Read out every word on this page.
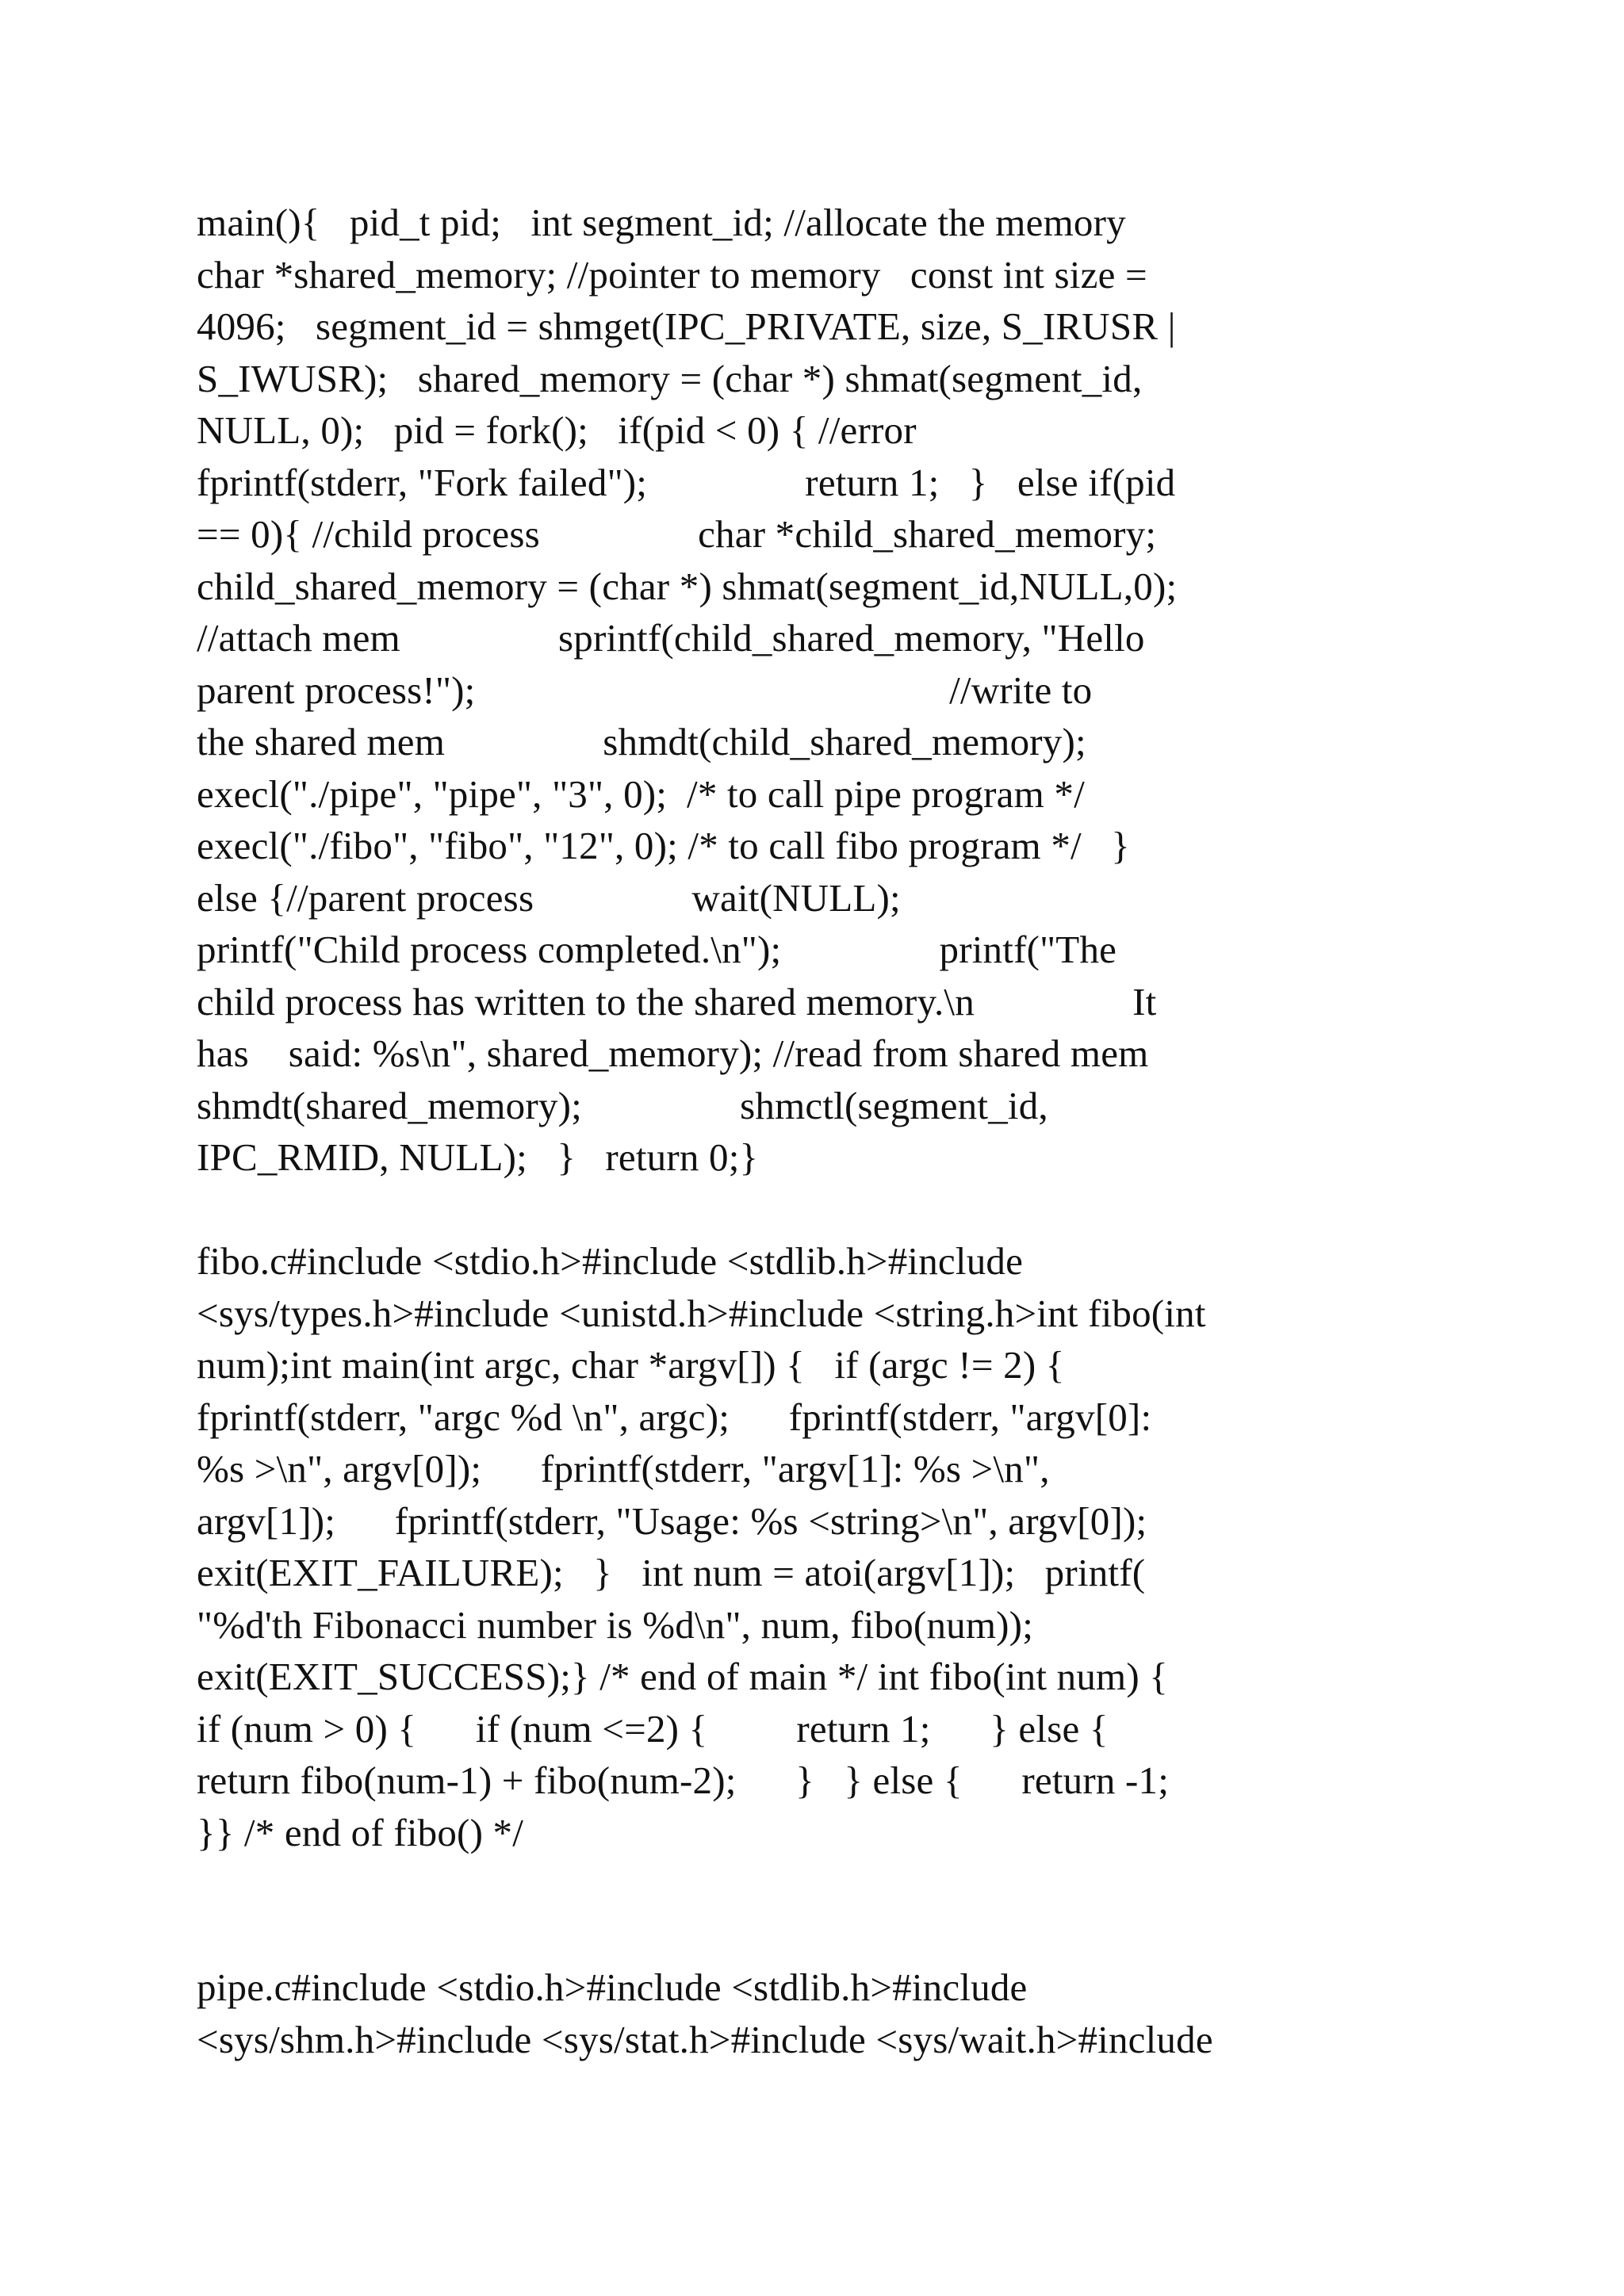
main(){   pid_t pid;   int segment_id; //allocate the memory
char *shared_memory; //pointer to memory   const int size =
4096;   segment_id = shmget(IPC_PRIVATE, size, S_IRUSR |
S_IWUSR);   shared_memory = (char *) shmat(segment_id,
NULL, 0);   pid = fork();   if(pid < 0) { //error
fprintf(stderr, "Fork failed");                return 1;   }   else if(pid
== 0){ //child process                char *child_shared_memory;
child_shared_memory = (char *) shmat(segment_id,NULL,0);
//attach mem                sprintf(child_shared_memory, "Hello
parent process!");                                                //write to
the shared mem                shmdt(child_shared_memory);
execl("./pipe", "pipe", "3", 0);  /* to call pipe program */
execl("./fibo", "fibo", "12", 0); /* to call fibo program */   }
else {//parent process                wait(NULL);
printf("Child process completed.\n");                printf("The
child process has written to the shared memory.\n                It
has    said: %s\n", shared_memory); //read from shared mem
shmdt(shared_memory);                shmctl(segment_id,
IPC_RMID, NULL);   }   return 0;}
fibo.c#include <stdio.h>#include <stdlib.h>#include
<sys/types.h>#include <unistd.h>#include <string.h>int fibo(int
num);int main(int argc, char *argv[]) {   if (argc != 2) {
fprintf(stderr, "argc %d \n", argc);      fprintf(stderr, "argv[0]:
%s >\n", argv[0]);      fprintf(stderr, "argv[1]: %s >\n",
argv[1]);      fprintf(stderr, "Usage: %s <string>\n", argv[0]);
exit(EXIT_FAILURE);   }   int num = atoi(argv[1]);   printf(
"%d'th Fibonacci number is %d\n", num, fibo(num));
exit(EXIT_SUCCESS);} /* end of main */ int fibo(int num) {
if (num > 0) {      if (num <=2) {         return 1;      } else {
return fibo(num-1) + fibo(num-2);      }   } else {      return -1;
}} /* end of fibo() */
pipe.c#include <stdio.h>#include <stdlib.h>#include
<sys/shm.h>#include <sys/stat.h>#include <sys/wait.h>#include
